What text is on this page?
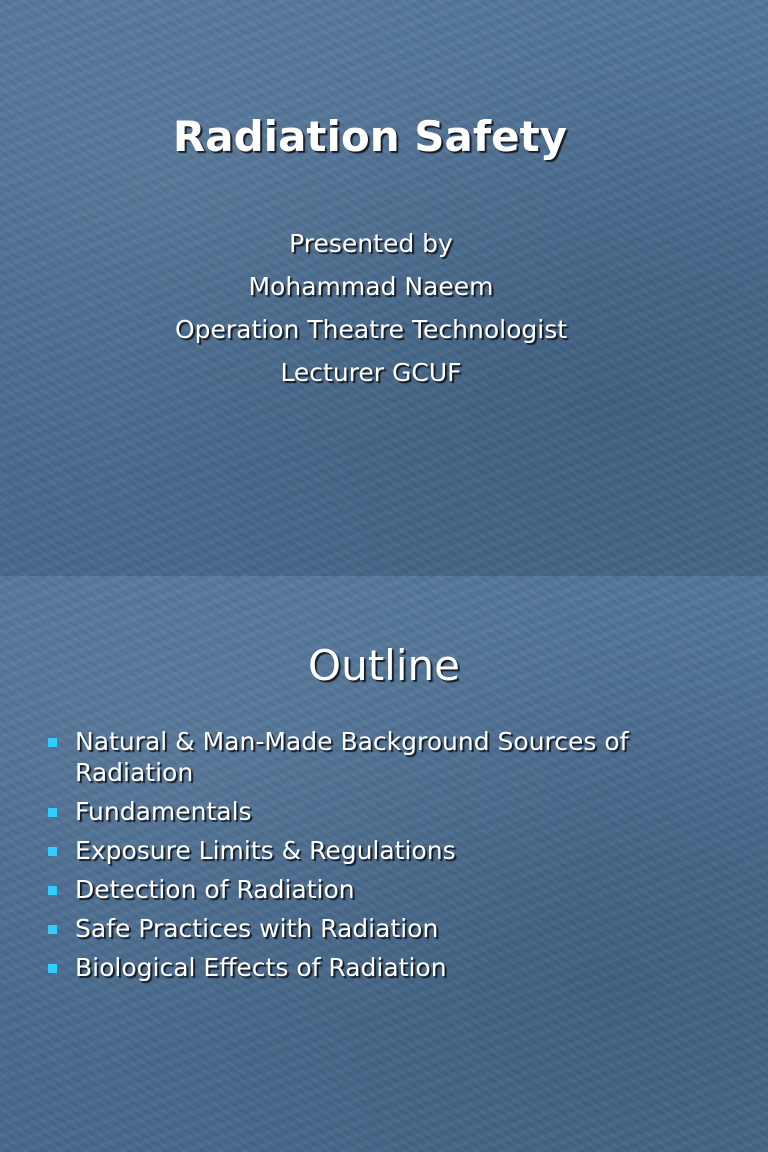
Radiation Safety
Presented by
Mohammad Naeem
Operation Theatre Technologist
Lecturer GCUF
Outline
Natural & Man-Made Background Sources of Radiation
Fundamentals
Exposure Limits & Regulations
Detection of Radiation
Safe Practices with Radiation
Biological Effects of Radiation
